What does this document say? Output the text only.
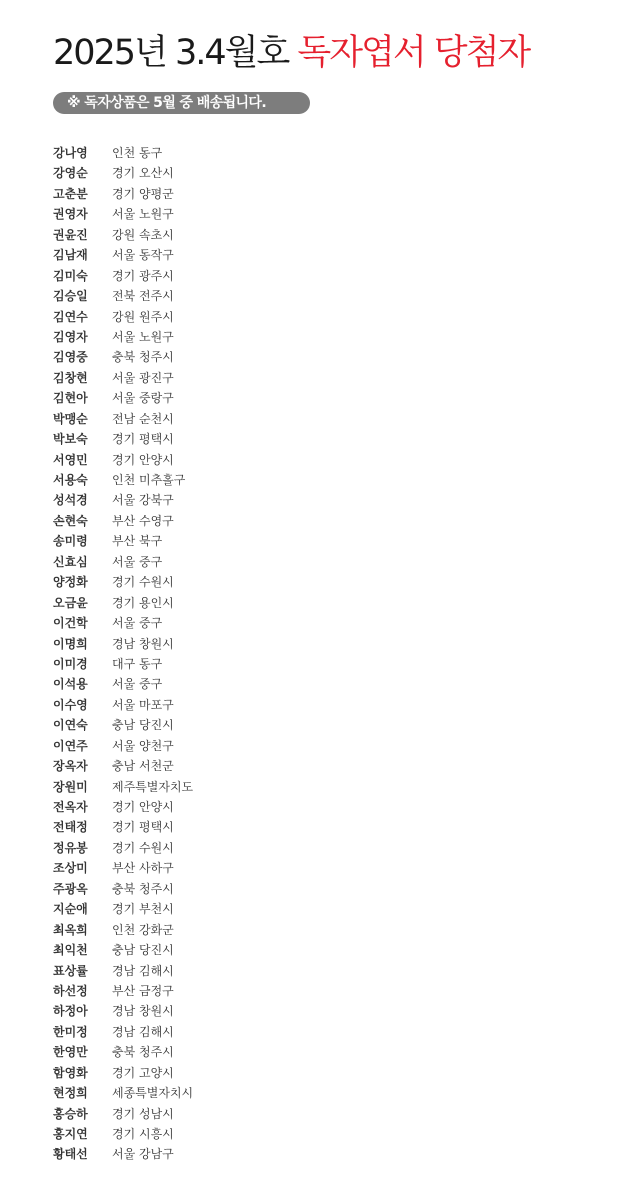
2025년 3.4월호 독자엽서 당첨자
※ 독자상품은 5월 중 배송됩니다.
강나영 인천 동구
강영순 경기 오산시
고춘분 경기 양평군
권영자 서울 노원구
권윤진 강원 속초시
김남재 서울 동작구
김미숙 경기 광주시
김승일 전북 전주시
김연수 강원 원주시
김영자 서울 노원구
김영중 충북 청주시
김창현 서울 광진구
김현아 서울 중랑구
박맹순 전남 순천시
박보숙 경기 평택시
서영민 경기 안양시
서용숙 인천 미추홀구
성석경 서울 강북구
손현숙 부산 수영구
송미령 부산 북구
신효심 서울 중구
양정화 경기 수원시
오금윤 경기 용인시
이건학 서울 중구
이명희 경남 창원시
이미경 대구 동구
이석용 서울 중구
이수영 서울 마포구
이연숙 충남 당진시
이연주 서울 양천구
장옥자 충남 서천군
장원미 제주특별자치도
전옥자 경기 안양시
전태정 경기 평택시
정유봉 경기 수원시
조상미 부산 사하구
주광옥 충북 청주시
지순애 경기 부천시
최옥희 인천 강화군
최익천 충남 당진시
표상률 경남 김해시
하선정 부산 금정구
하정아 경남 창원시
한미정 경남 김해시
한영만 충북 청주시
함영화 경기 고양시
현정희 세종특별자치시
홍승하 경기 성남시
홍지연 경기 시흥시
황태선 서울 강남구
